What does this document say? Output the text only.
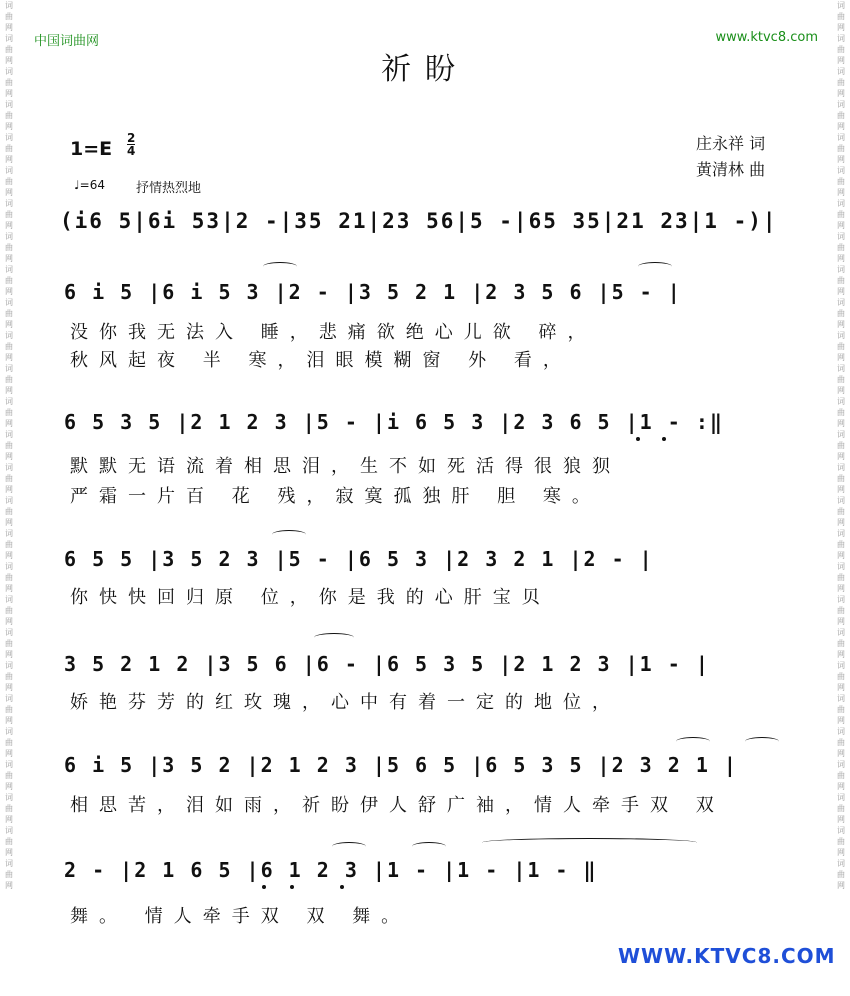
词曲网词曲网词曲网词曲网词曲网词曲网词曲网词曲网词曲网词曲网词曲网词曲网词曲网词曲网词曲网词曲网词曲网词曲网词曲网词曲网词曲网词曲网词曲网词曲网词曲网词曲网词曲网
词曲网词曲网词曲网词曲网词曲网词曲网词曲网词曲网词曲网词曲网词曲网词曲网词曲网词曲网词曲网词曲网词曲网词曲网词曲网词曲网词曲网词曲网词曲网词曲网词曲网词曲网词曲网
中国词曲网	www.ktvc8.com
祈盼
1=E 2
4
♩=64 抒情热烈地
庄永祥 词
黄清林 曲
(i6 5|6i 53|2 -|35 21|23 56|5 -|65 35|21 23|1 -)|
6 i 5 |6 i 5 3 |2 - |3 5 2 1 |2 3 5 6 |5 - |
没你我无法入 睡，悲痛欲绝心儿欲 碎，
秋风起夜 半 寒，泪眼模糊窗 外 看，
6 5 3 5 |2 1 2 3 |5 - |i 6 5 3 |2 3 6 5 |1 - :‖
默默无语流着相思泪，生不如死活得很狼狈
严霜一片百 花 残，寂寞孤独肝 胆 寒。
6 5 5 |3 5 2 3 |5 - |6 5 3 |2 3 2 1 |2 - |
你快快回归原 位，你是我的心肝宝贝
3 5 2 1 2 |3 5 6 |6 - |6 5 3 5 |2 1 2 3 |1 - |
娇艳芬芳的红玫瑰，心中有着一定的地位，
6 i 5 |3 5 2 |2 1 2 3 |5 6 5 |6 5 3 5 |2 3 2 1 |
相思苦，泪如雨，祈盼伊人舒广袖，情人牵手双 双
2 - |2 1 6 5 |6 1 2 3 |1 - |1 - |1 - ‖
舞。 情人牵手双 双 舞。
WWW.KTVC8.COM
